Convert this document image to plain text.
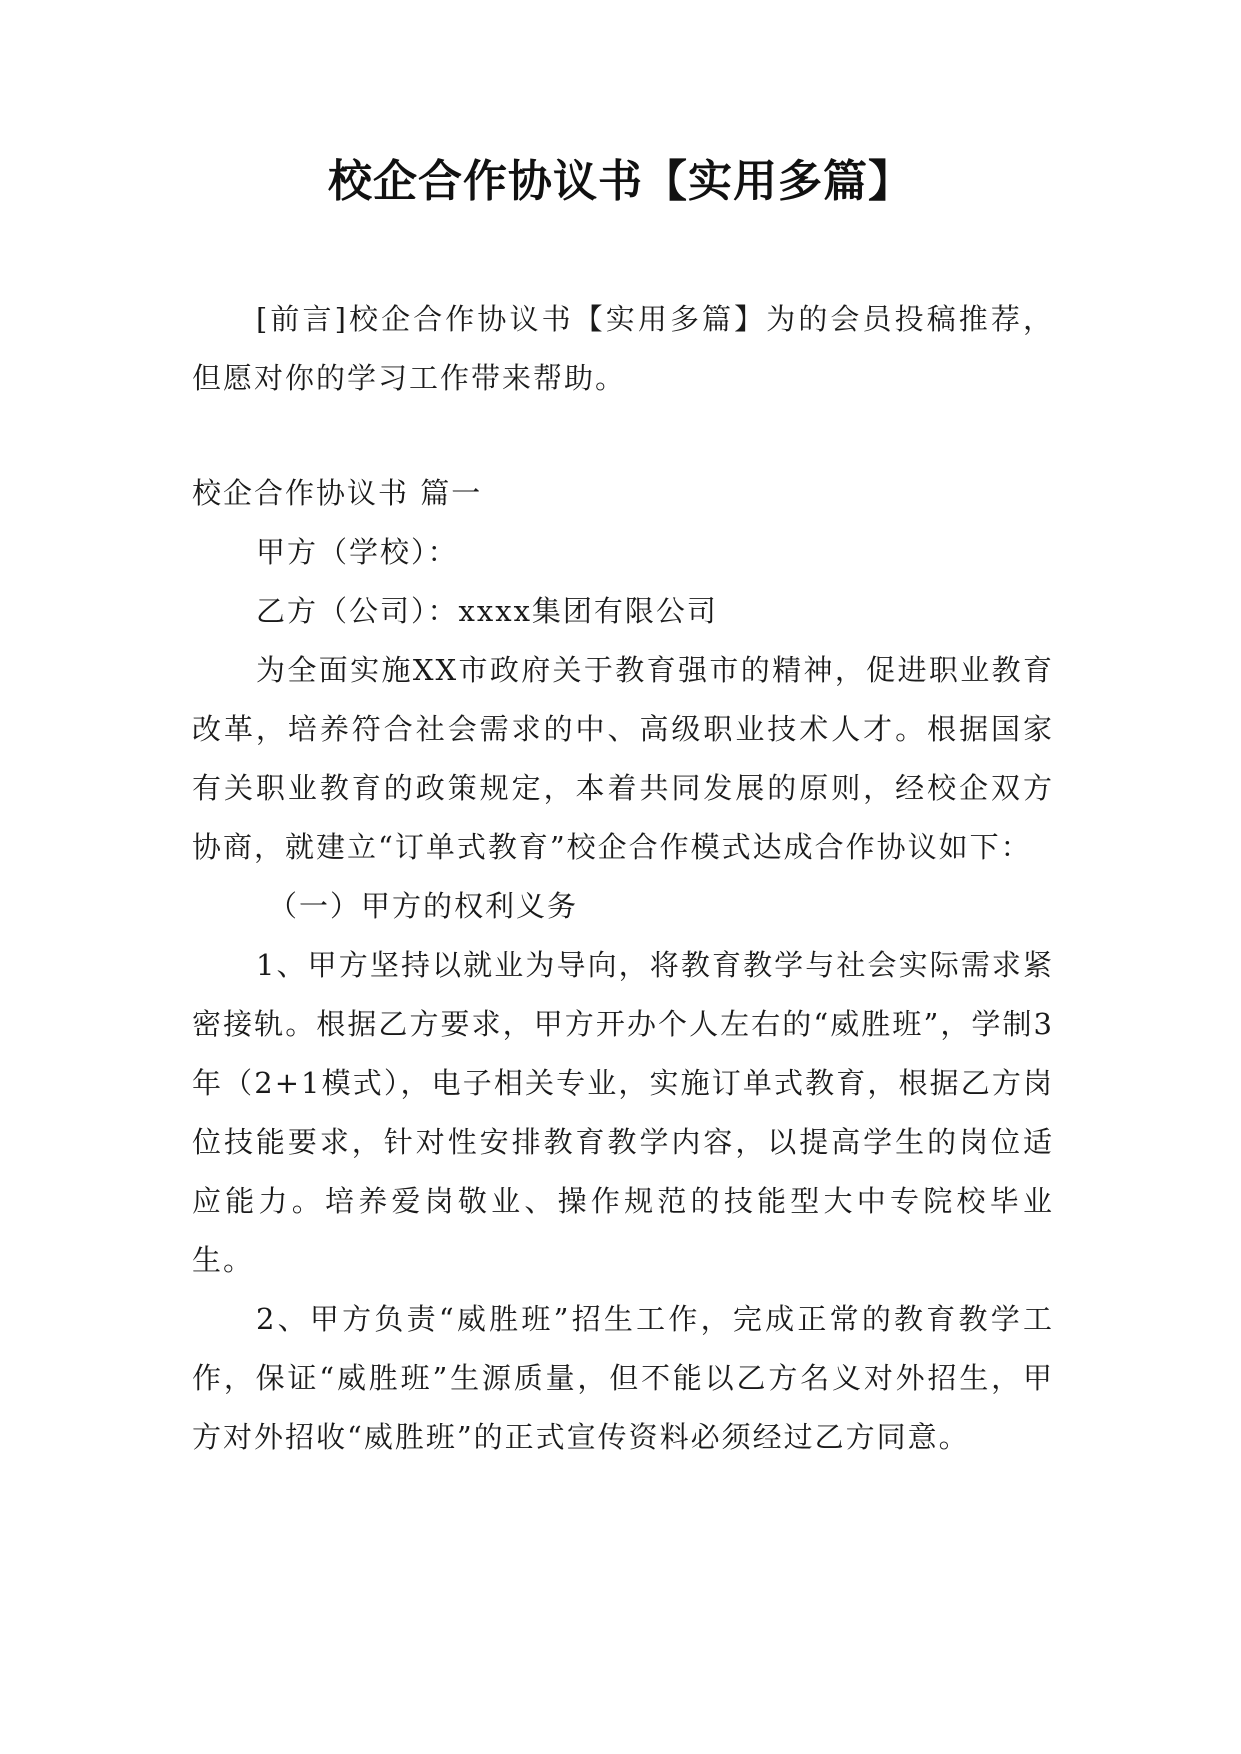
校企合作协议书【实用多篇】

[前言]校企合作协议书【实用多篇】为的会员投稿推荐，但愿对你的学习工作带来帮助。

校企合作协议书 篇一

甲方（学校）：

乙方（公司）：xxxx集团有限公司

为全面实施XX市政府关于教育强市的精神，促进职业教育改革，培养符合社会需求的中、高级职业技术人才。根据国家有关职业教育的政策规定，本着共同发展的原则，经校企双方协商，就建立“订单式教育”校企合作模式达成合作协议如下：

（一）甲方的权利义务

1、甲方坚持以就业为导向，将教育教学与社会实际需求紧密接轨。根据乙方要求，甲方开办个人左右的“威胜班”，学制3年（2+1模式），电子相关专业，实施订单式教育，根据乙方岗位技能要求，针对性安排教育教学内容，以提高学生的岗位适应能力。培养爱岗敬业、操作规范的技能型大中专院校毕业生。

2、甲方负责“威胜班”招生工作，完成正常的教育教学工作，保证“威胜班”生源质量，但不能以乙方名义对外招生，甲方对外招收“威胜班”的正式宣传资料必须经过乙方同意。
